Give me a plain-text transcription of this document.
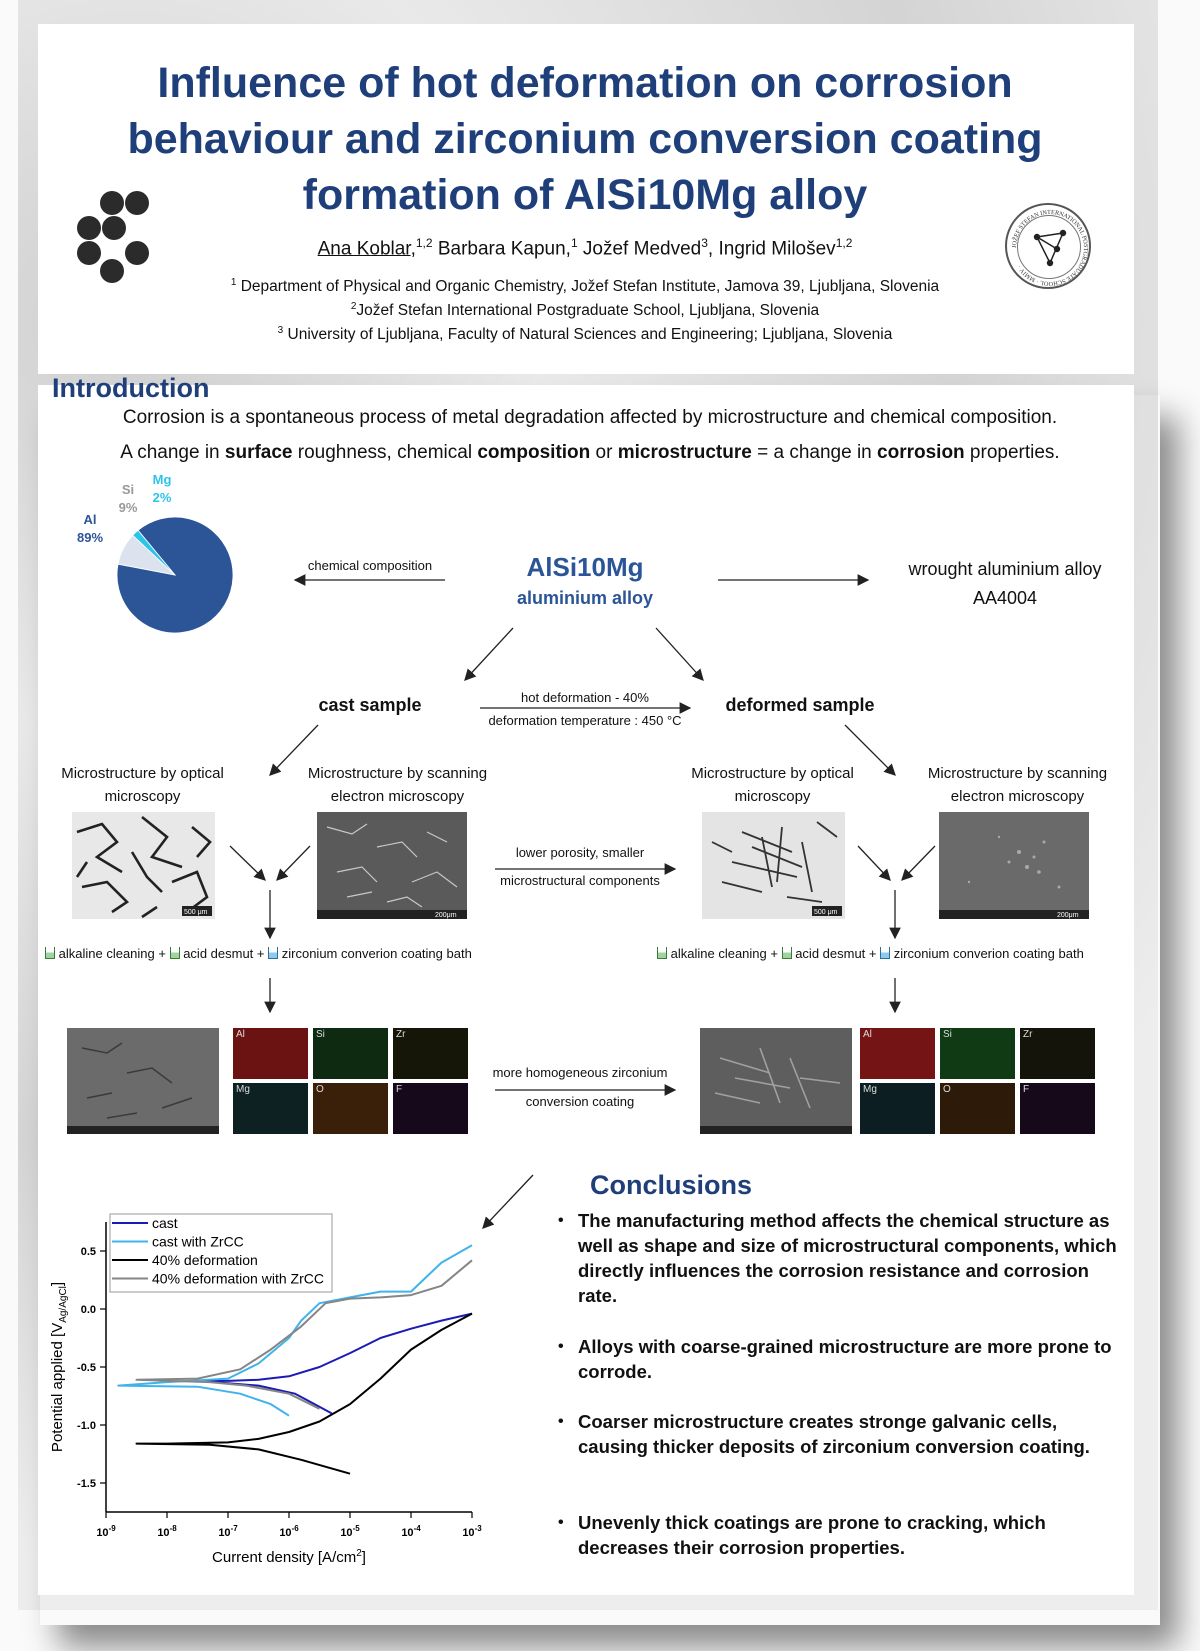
Influence of hot deformation on corrosion
behaviour and zirconium conversion coating
formation of AlSi10Mg alloy
JOŽEF STEFAN INTERNATIONAL POSTGRADUATE SCHOOL · MMIV ·
Ana Koblar,$^{1,2}$ Barbara Kapun,$^1$ Jožef Medved$^3$, Ingrid Milošev$^{1,2}$
$^1$ Department of Physical and Organic Chemistry, Jožef Stefan Institute, Jamova 39, Ljubljana, Slovenia
$^2$Jožef Stefan International Postgraduate School, Ljubljana, Slovenia
$^3$ University of Ljubljana, Faculty of Natural Sciences and Engineering; Ljubljana, Slovenia
Introduction
Corrosion is a spontaneous process of metal degradation affected by microstructure and chemical composition.
A change in surface roughness, chemical composition or microstructure = a change in corrosion properties.
Al
89%
Si
9%
Mg
2%
chemical composition	AlSi10Mg
aluminium alloy
wrought aluminium alloy
AA4004
cast sample	deformed sample
hot deformation - 40%
deformation temperature : 450 °C
Microstructure by optical
microscopy
Microstructure by scanning
electron microscopy
Microstructure by optical
microscopy
Microstructure by scanning
electron microscopy
500 μm	200μm	500 μm	200μm
lower porosity, smaller
microstructural components
alkaline cleaning + acid desmut + zirconium converion coating bath	alkaline cleaning + acid desmut + zirconium converion coating bath
Al	Si	Zr
Mg	O	F
Al	Si	Zr
Mg	O	F
more homogeneous zirconium
conversion coating
$10^{-9}$	$10^{-8}$	$10^{-7}$	$10^{-6}$	$10^{-5}$	$10^{-4}$	$10^{-3}$
0.5
0.0
-0.5
-1.0
-1.5
Current density $[A/cm^2]$
Potential applied $[V_{Ag/AgCl}]$
cast
cast with ZrCC
40% deformation
40% deformation with ZrCC
Conclusions
• The manufacturing method affects the chemical structure as well as shape and size of microstructural components, which directly influences the corrosion resistance and corrosion rate.
• Alloys with coarse-grained microstructure are more prone to corrode.
• Coarser microstructure creates stronge galvanic cells, causing thicker deposits of zirconium conversion coating.
• Unevenly thick coatings are prone to cracking, which decreases their corrosion properties.
